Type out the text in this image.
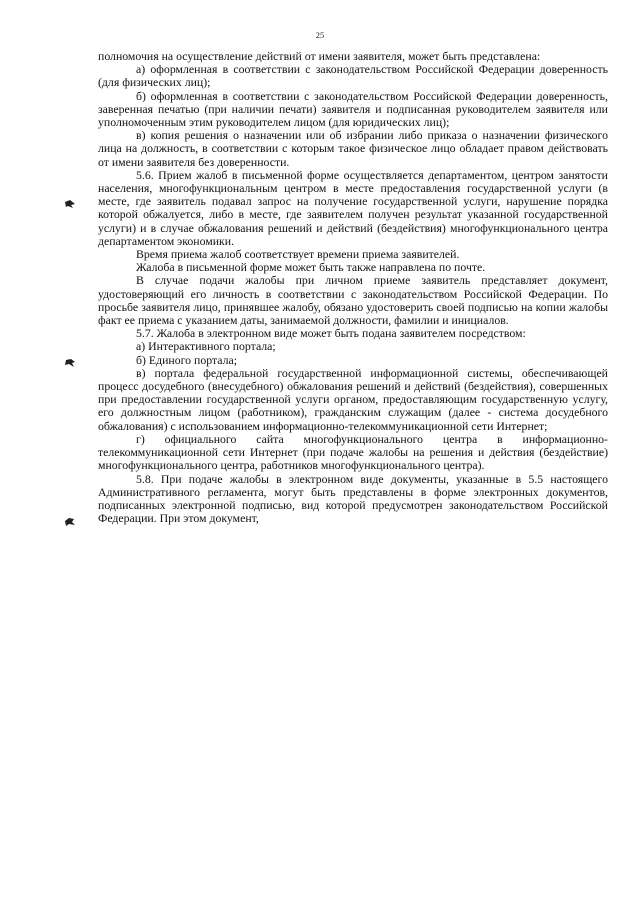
25

полномочия на осуществление действий от имени заявителя, может быть представлена:

а) оформленная в соответствии с законодательством Российской Федерации доверенность (для физических лиц);

б) оформленная в соответствии с законодательством Российской Федерации доверенность, заверенная печатью (при наличии печати) заявителя и подписанная руководителем заявителя или уполномоченным этим руководителем лицом (для юридических лиц);

в) копия решения о назначении или об избрании либо приказа о назначении физического лица на должность, в соответствии с которым такое физическое лицо обладает правом действовать от имени заявителя без доверенности.

5.6. Прием жалоб в письменной форме осуществляется департаментом, центром занятости населения, многофункциональным центром в месте предоставления государственной услуги (в месте, где заявитель подавал запрос на получение государственной услуги, нарушение порядка которой обжалуется, либо в месте, где заявителем получен результат указанной государственной услуги) и в случае обжалования решений и действий (бездействия) многофункционального центра департаментом экономики.

Время приема жалоб соответствует времени приема заявителей.

Жалоба в письменной форме может быть также направлена по почте.

В случае подачи жалобы при личном приеме заявитель представляет документ, удостоверяющий его личность в соответствии с законодательством Российской Федерации. По просьбе заявителя лицо, принявшее жалобу, обязано удостоверить своей подписью на копии жалобы факт ее приема с указанием даты, занимаемой должности, фамилии и инициалов.

5.7. Жалоба в электронном виде может быть подана заявителем посредством:

а) Интерактивного портала;

б) Единого портала;

в) портала федеральной государственной информационной системы, обеспечивающей процесс досудебного (внесудебного) обжалования решений и действий (бездействия), совершенных при предоставлении государственной услуги органом, предоставляющим государственную услугу, его должностным лицом (работником), гражданским служащим (далее - система досудебного обжалования) с использованием информационно-телекоммуникационной сети Интернет;

г) официального сайта многофункционального центра в информационно-телекоммуникационной сети Интернет (при подаче жалобы на решения и действия (бездействие) многофункционального центра, работников многофункционального центра).

5.8. При подаче жалобы в электронном виде документы, указанные в 5.5 настоящего Административного регламента, могут быть представлены в форме электронных документов, подписанных электронной подписью, вид которой предусмотрен законодательством Российской Федерации. При этом документ,
